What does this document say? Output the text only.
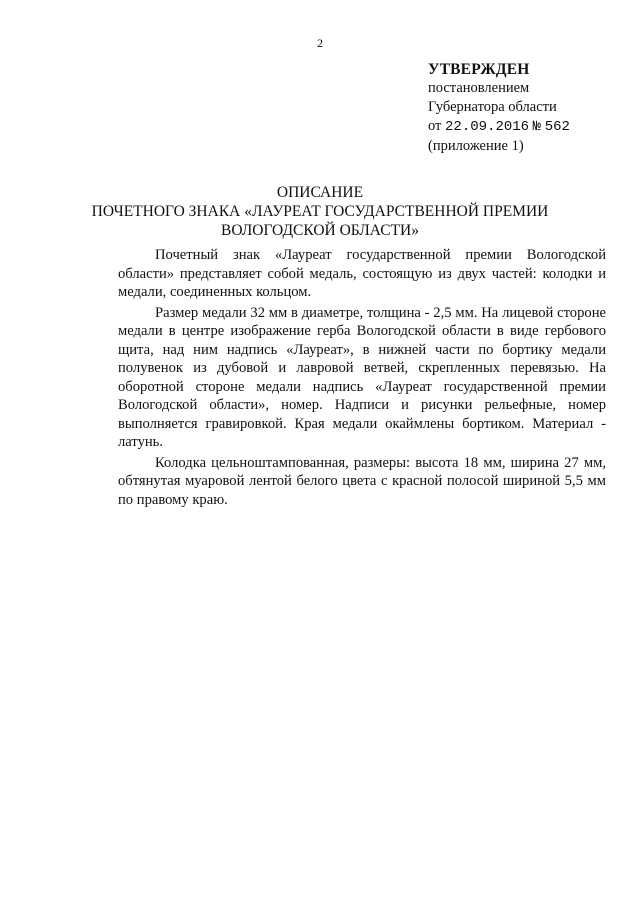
2
УТВЕРЖДЕН
постановлением
Губернатора области
от 22.09.2016 № 562
(приложение 1)
ОПИСАНИЕ
ПОЧЕТНОГО ЗНАКА «ЛАУРЕАТ ГОСУДАРСТВЕННОЙ ПРЕМИИ
ВОЛОГОДСКОЙ ОБЛАСТИ»

Почетный знак «Лауреат государственной премии Вологодской области» представляет собой медаль, состоящую из двух частей: колодки и медали, соединенных кольцом.

Размер медали 32 мм в диаметре, толщина - 2,5 мм. На лицевой стороне медали в центре изображение герба Вологодской области в виде гербового щита, над ним надпись «Лауреат», в нижней части по бортику медали полувенок из дубовой и лавровой ветвей, скрепленных перевязью. На оборотной стороне медали надпись «Лауреат государственной премии Вологодской области», номер. Надписи и рисунки рельефные, номер выполняется гравировкой. Края медали окаймлены бортиком. Материал - латунь.

Колодка цельноштампованная, размеры: высота 18 мм, ширина 27 мм, обтянутая муаровой лентой белого цвета с красной полосой шириной 5,5 мм по правому краю.
